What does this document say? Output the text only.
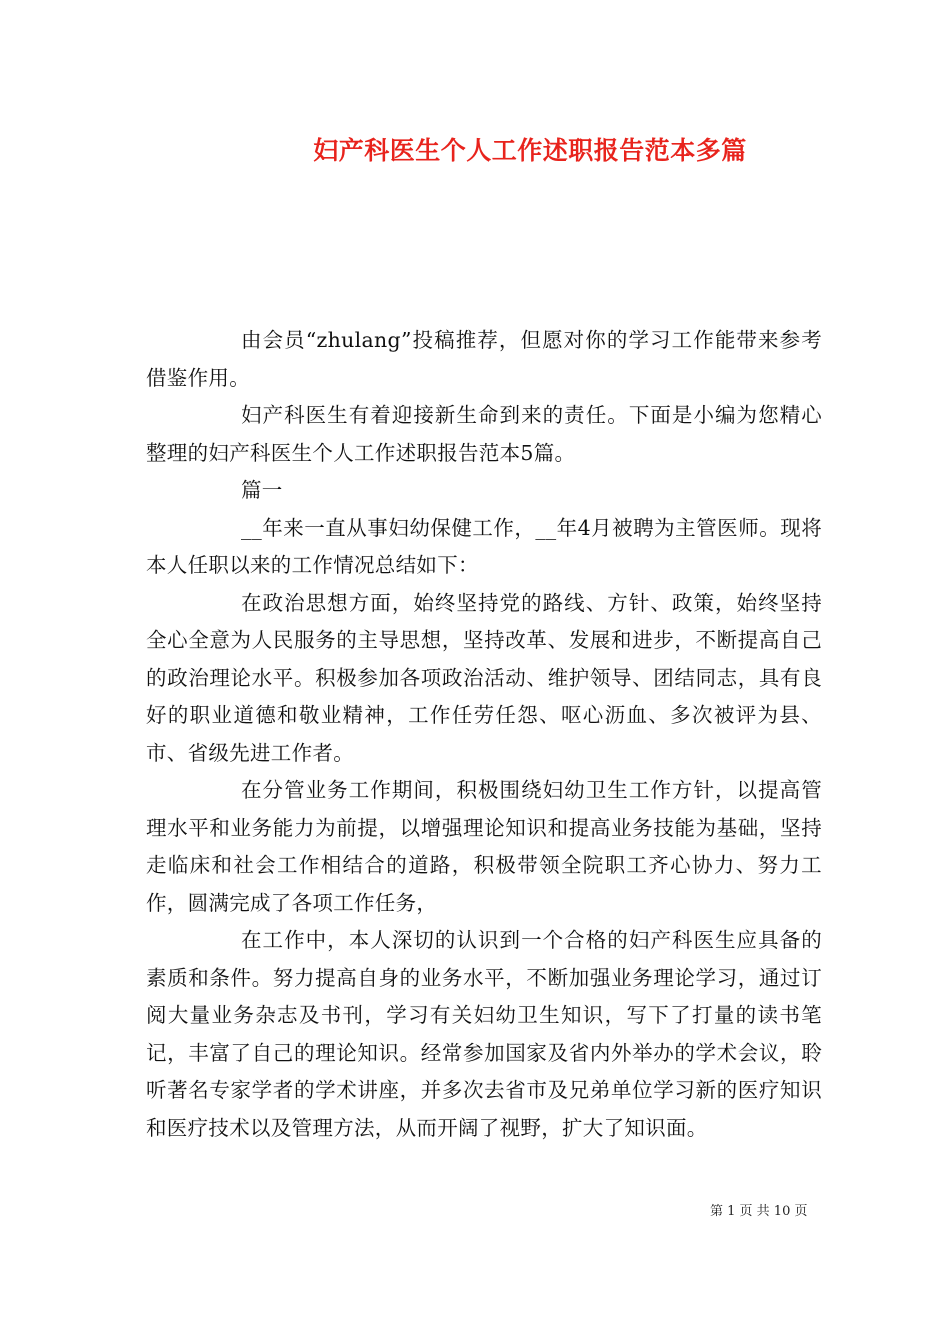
妇产科医生个人工作述职报告范本多篇

由会员“zhulang”投稿推荐，但愿对你的学习工作能带来参考借鉴作用。

妇产科医生有着迎接新生命到来的责任。下面是小编为您精心整理的妇产科医生个人工作述职报告范本5篇。

篇一

__年来一直从事妇幼保健工作，__年4月被聘为主管医师。现将本人任职以来的工作情况总结如下：

在政治思想方面，始终坚持党的路线、方针、政策，始终坚持全心全意为人民服务的主导思想，坚持改革、发展和进步，不断提高自己的政治理论水平。积极参加各项政治活动、维护领导、团结同志，具有良好的职业道德和敬业精神，工作任劳任怨、呕心沥血、多次被评为县、市、省级先进工作者。

在分管业务工作期间，积极围绕妇幼卫生工作方针，以提高管理水平和业务能力为前提，以增强理论知识和提高业务技能为基础，坚持走临床和社会工作相结合的道路，积极带领全院职工齐心协力、努力工作，圆满完成了各项工作任务，

在工作中，本人深切的认识到一个合格的妇产科医生应具备的素质和条件。努力提高自身的业务水平，不断加强业务理论学习，通过订阅大量业务杂志及书刊，学习有关妇幼卫生知识，写下了打量的读书笔记，丰富了自己的理论知识。经常参加国家及省内外举办的学术会议，聆听著名专家学者的学术讲座，并多次去省市及兄弟单位学习新的医疗知识和医疗技术以及管理方法，从而开阔了视野，扩大了知识面。

第 1 页 共 10 页
